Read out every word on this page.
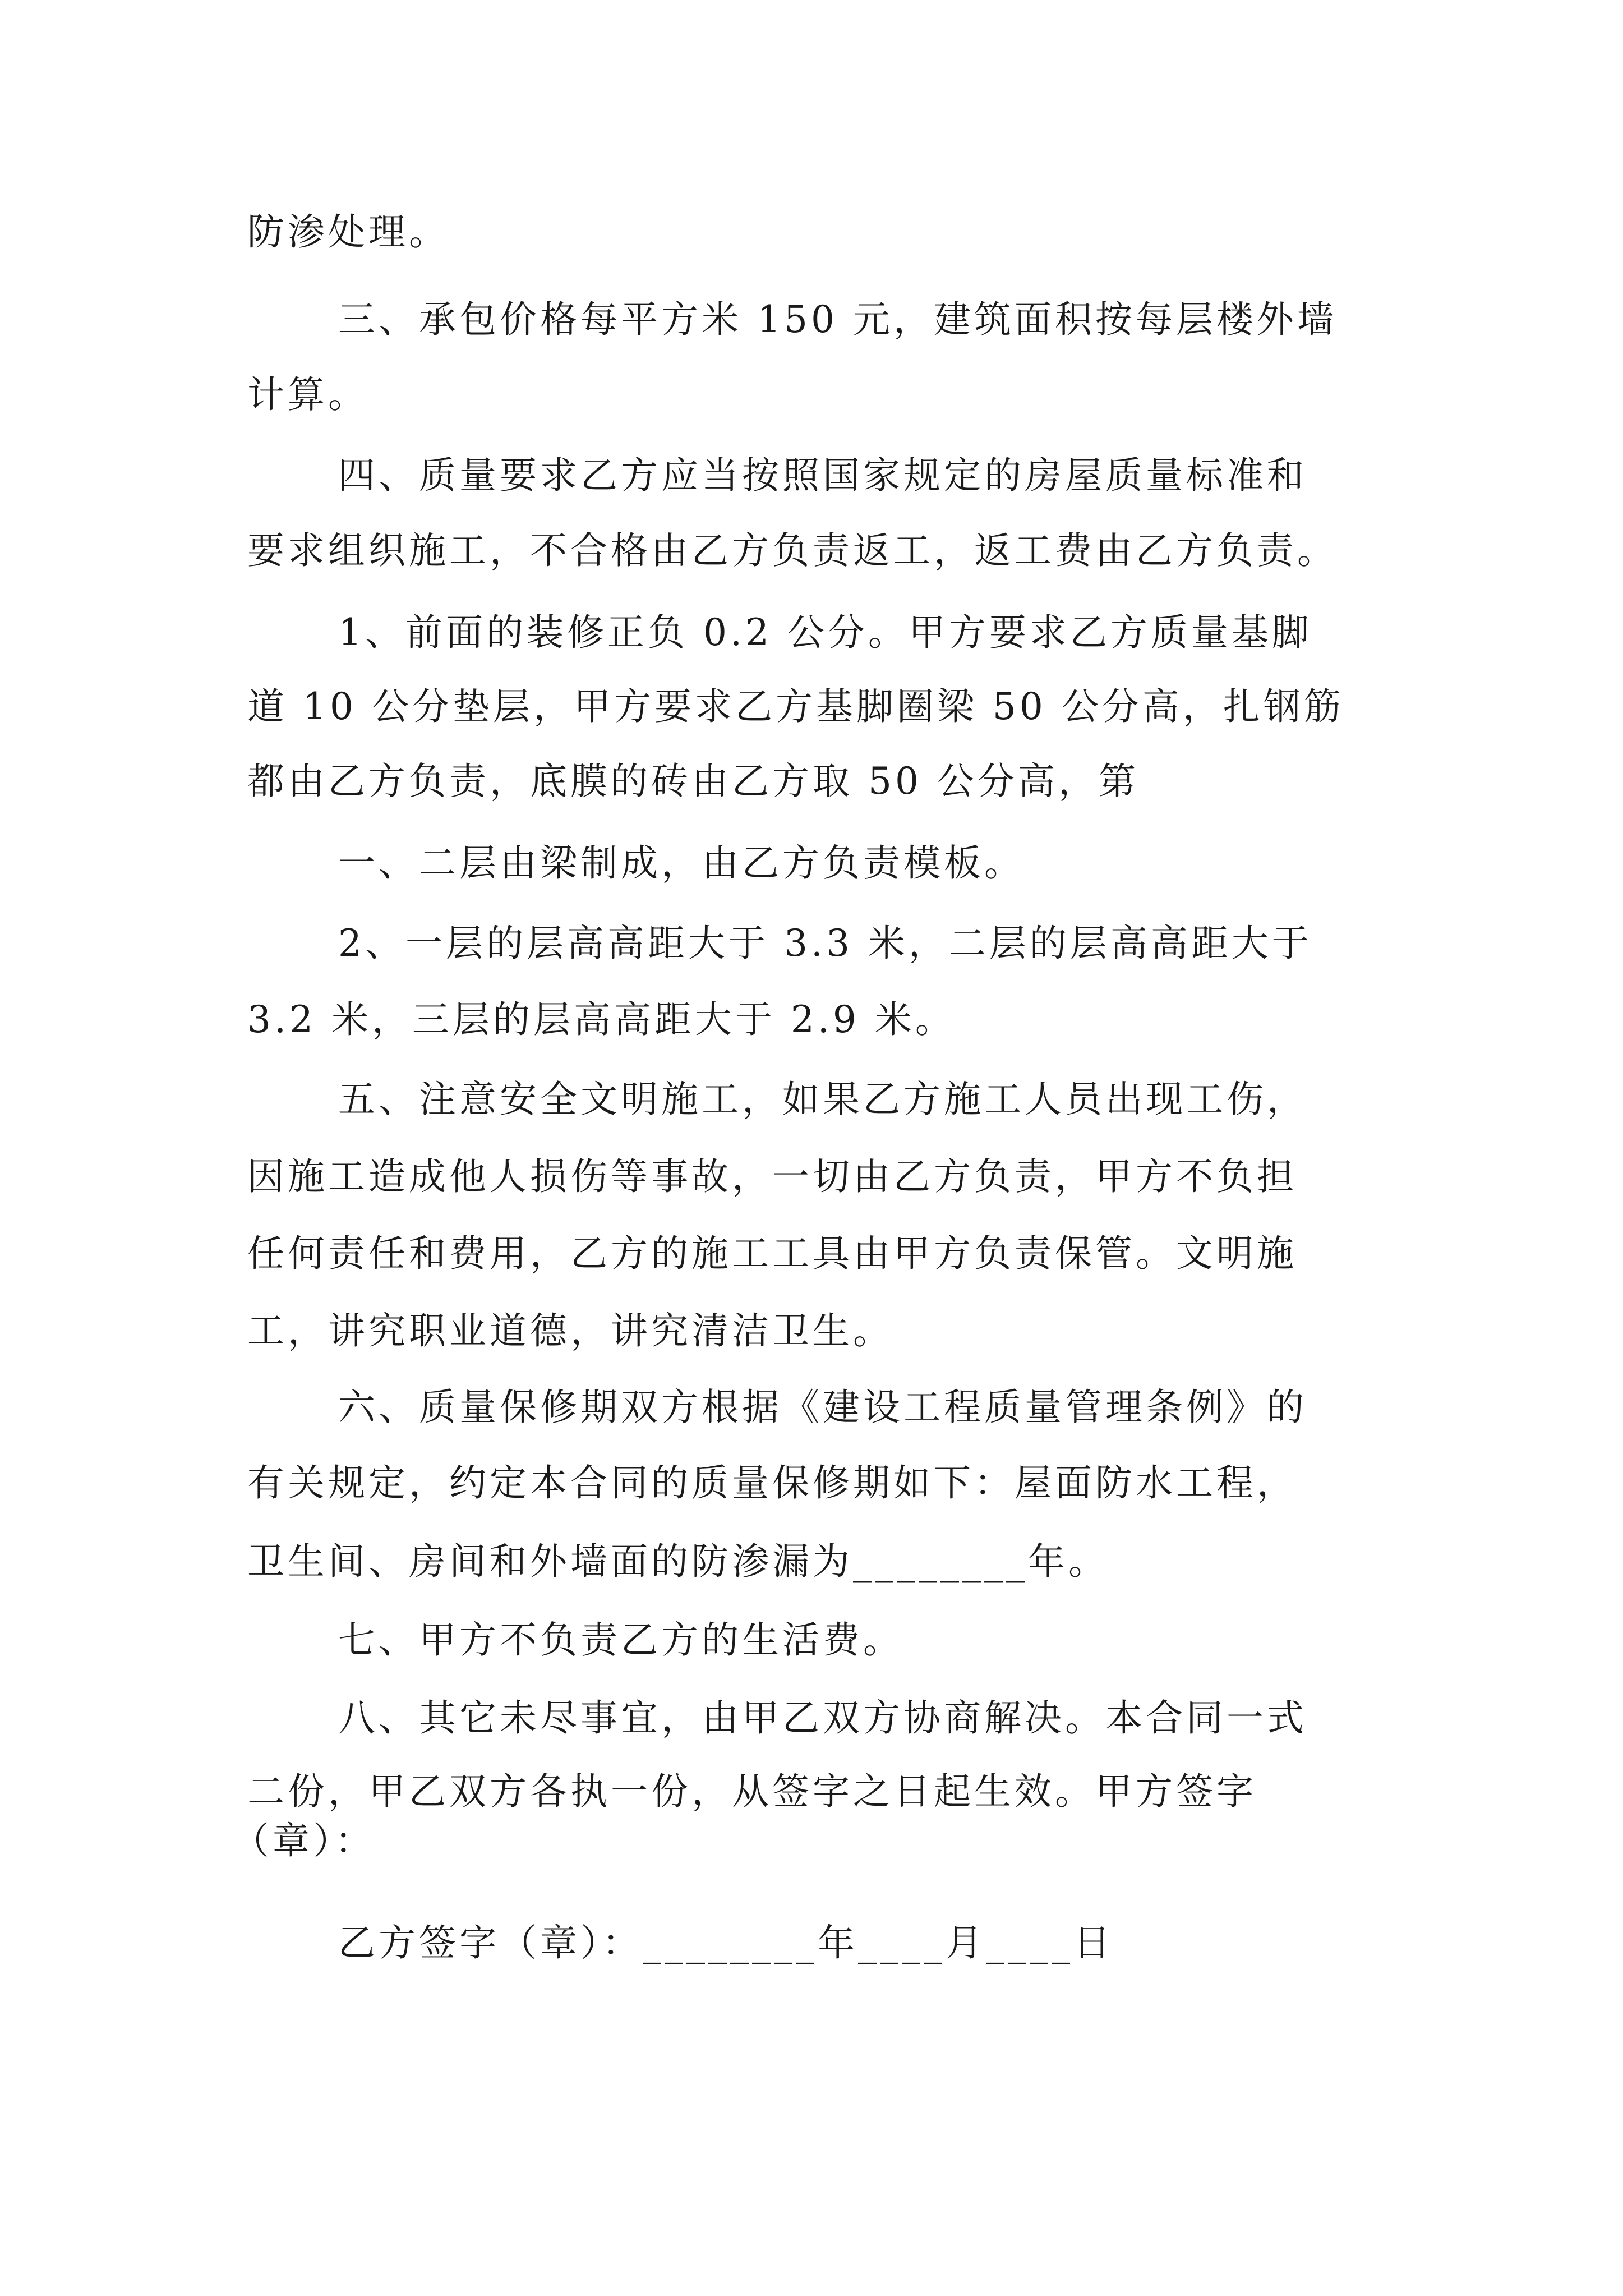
防渗处理。
三、承包价格每平方米 150 元，建筑面积按每层楼外墙
计算。
四、质量要求乙方应当按照国家规定的房屋质量标准和
要求组织施工，不合格由乙方负责返工，返工费由乙方负责。
1、前面的装修正负 0.2 公分。甲方要求乙方质量基脚
道 10 公分垫层，甲方要求乙方基脚圈梁 50 公分高，扎钢筋
都由乙方负责，底膜的砖由乙方取 50 公分高，第
一、二层由梁制成，由乙方负责模板。
2、一层的层高高距大于 3.3 米，二层的层高高距大于
3.2 米，三层的层高高距大于 2.9 米。
五、注意安全文明施工，如果乙方施工人员出现工伤，
因施工造成他人损伤等事故，一切由乙方负责，甲方不负担
任何责任和费用，乙方的施工工具由甲方负责保管。文明施
工，讲究职业道德，讲究清洁卫生。
六、质量保修期双方根据《建设工程质量管理条例》的
有关规定，约定本合同的质量保修期如下：屋面防水工程，
卫生间、房间和外墙面的防渗漏为________年。
七、甲方不负责乙方的生活费。
八、其它未尽事宜，由甲乙双方协商解决。本合同一式
二份，甲乙双方各执一份，从签字之日起生效。甲方签字
（章）：
乙方签字（章）：________年____月____日
